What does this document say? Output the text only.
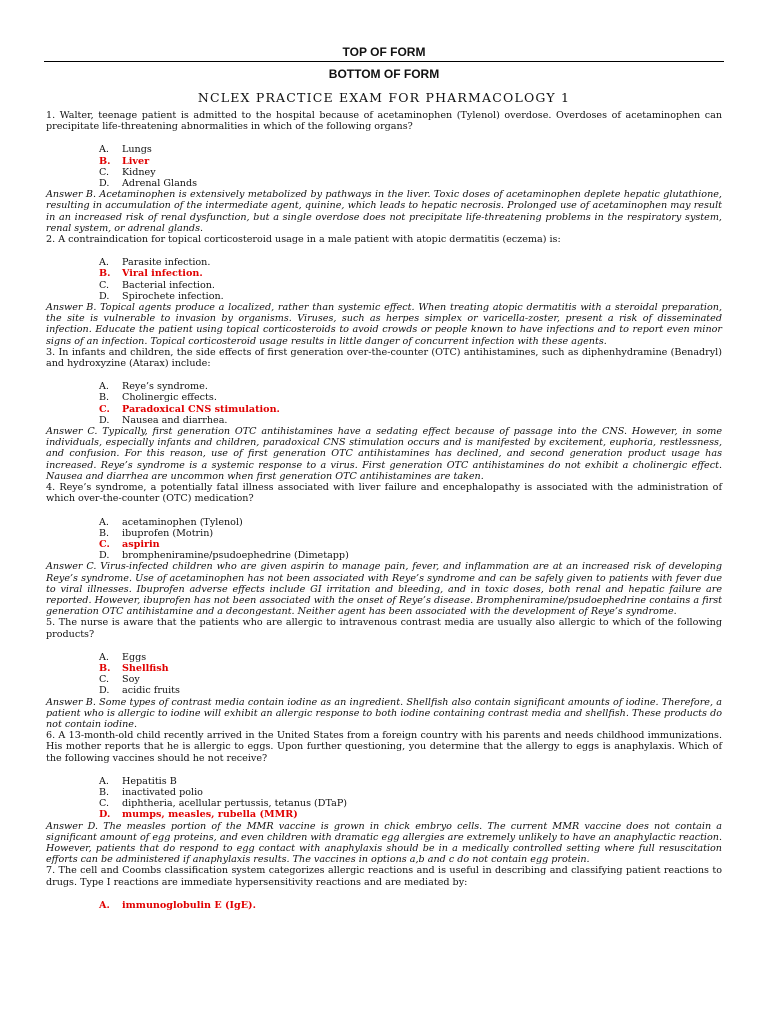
TOP OF FORM
BOTTOM OF FORM
NCLEX PRACTICE EXAM FOR PHARMACOLOGY 1
1. Walter, teenage patient is admitted to the hospital because of acetaminophen (Tylenol) overdose. Overdoses of acetaminophen can precipitate life-threatening abnormalities in which of the following organs?
A.	Lungs
B.	Liver
C.	Kidney
D.	Adrenal Glands
Answer B. Acetaminophen is extensively metabolized by pathways in the liver. Toxic doses of acetaminophen deplete hepatic glutathione, resulting in accumulation of the intermediate agent, quinine, which leads to hepatic necrosis. Prolonged use of acetaminophen may result in an increased risk of renal dysfunction, but a single overdose does not precipitate life-threatening problems in the respiratory system, renal system, or adrenal glands.
2. A contraindication for topical corticosteroid usage in a male patient with atopic dermatitis (eczema) is:
A.	Parasite infection.
B.	Viral infection.
C.	Bacterial infection.
D.	Spirochete infection.
Answer B. Topical agents produce a localized, rather than systemic effect. When treating atopic dermatitis with a steroidal preparation, the site is vulnerable to invasion by organisms. Viruses, such as herpes simplex or varicella-zoster, present a risk of disseminated infection. Educate the patient using topical corticosteroids to avoid crowds or people known to have infections and to report even minor signs of an infection. Topical corticosteroid usage results in little danger of concurrent infection with these agents.
3. In infants and children, the side effects of first generation over-the-counter (OTC) antihistamines, such as diphenhydramine (Benadryl) and hydroxyzine (Atarax) include:
A.	Reye’s syndrome.
B.	Cholinergic effects.
C.	Paradoxical CNS stimulation.
D.	Nausea and diarrhea.
Answer C. Typically, first generation OTC antihistamines have a sedating effect because of passage into the CNS. However, in some individuals, especially infants and children, paradoxical CNS stimulation occurs and is manifested by excitement, euphoria, restlessness, and confusion. For this reason, use of first generation OTC antihistamines has declined, and second generation product usage has increased. Reye’s syndrome is a systemic response to a virus. First generation OTC antihistamines do not exhibit a cholinergic effect. Nausea and diarrhea are uncommon when first generation OTC antihistamines are taken.
4. Reye’s syndrome, a potentially fatal illness associated with liver failure and encephalopathy is associated with the administration of which over-the-counter (OTC) medication?
A.	acetaminophen (Tylenol)
B.	ibuprofen (Motrin)
C.	aspirin
D.	brompheniramine/psudoephedrine (Dimetapp)
Answer C. Virus-infected children who are given aspirin to manage pain, fever, and inflammation are at an increased risk of developing Reye’s syndrome. Use of acetaminophen has not been associated with Reye’s syndrome and can be safely given to patients with fever due to viral illnesses. Ibuprofen adverse effects include GI irritation and bleeding, and in toxic doses, both renal and hepatic failure are reported. However, ibuprofen has not been associated with the onset of Reye’s disease. Brompheniramine/psudoephedrine contains a first generation OTC antihistamine and a decongestant. Neither agent has been associated with the development of Reye’s syndrome.
5. The nurse is aware that the patients who are allergic to intravenous contrast media are usually also allergic to which of the following products?
A.	Eggs
B.	Shellfish
C.	Soy
D.	acidic fruits
Answer B. Some types of contrast media contain iodine as an ingredient. Shellfish also contain significant amounts of iodine. Therefore, a patient who is allergic to iodine will exhibit an allergic response to both iodine containing contrast media and shellfish. These products do not contain iodine.
6. A 13-month-old child recently arrived in the United States from a foreign country with his parents and needs childhood immunizations. His mother reports that he is allergic to eggs. Upon further questioning, you determine that the allergy to eggs is anaphylaxis. Which of the following vaccines should he not receive?
A.	Hepatitis B
B.	inactivated polio
C.	diphtheria, acellular pertussis, tetanus (DTaP)
D.	mumps, measles, rubella (MMR)
Answer D. The measles portion of the MMR vaccine is grown in chick embryo cells. The current MMR vaccine does not contain a significant amount of egg proteins, and even children with dramatic egg allergies are extremely unlikely to have an anaphylactic reaction. However, patients that do respond to egg contact with anaphylaxis should be in a medically controlled setting where full resuscitation efforts can be administered if anaphylaxis results. The vaccines in options a,b and c do not contain egg protein.
7. The cell and Coombs classification system categorizes allergic reactions and is useful in describing and classifying patient reactions to drugs. Type I reactions are immediate hypersensitivity reactions and are mediated by:
A.	immunoglobulin E (IgE).
